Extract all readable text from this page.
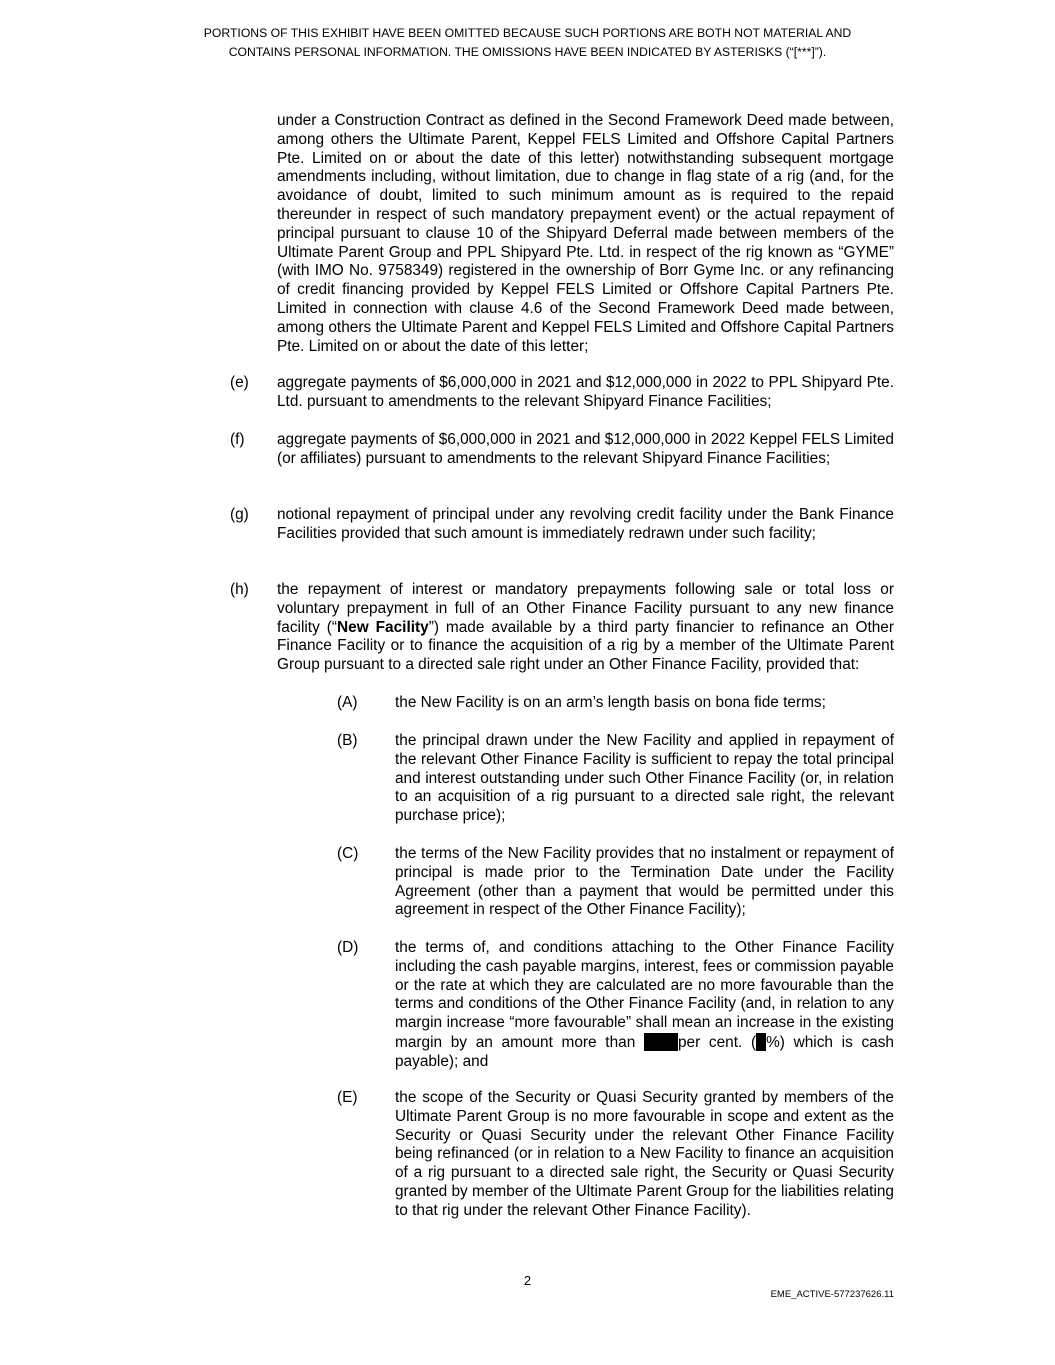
PORTIONS OF THIS EXHIBIT HAVE BEEN OMITTED BECAUSE SUCH PORTIONS ARE BOTH NOT MATERIAL AND
CONTAINS PERSONAL INFORMATION. THE OMISSIONS HAVE BEEN INDICATED BY ASTERISKS (“[***]”).
under a Construction Contract as defined in the Second Framework Deed made between, among others the Ultimate Parent, Keppel FELS Limited and Offshore Capital Partners Pte. Limited on or about the date of this letter) notwithstanding subsequent mortgage amendments including, without limitation, due to change in flag state of a rig (and, for the avoidance of doubt, limited to such minimum amount as is required to the repaid thereunder in respect of such mandatory prepayment event) or the actual repayment of principal pursuant to clause 10 of the Shipyard Deferral made between members of the Ultimate Parent Group and PPL Shipyard Pte. Ltd. in respect of the rig known as “GYME” (with IMO No. 9758349) registered in the ownership of Borr Gyme Inc. or any refinancing of credit financing provided by Keppel FELS Limited or Offshore Capital Partners Pte. Limited in connection with clause 4.6 of the Second Framework Deed made between, among others the Ultimate Parent and Keppel FELS Limited and Offshore Capital Partners Pte. Limited on or about the date of this letter;
(e) aggregate payments of $6,000,000 in 2021 and $12,000,000 in 2022 to PPL Shipyard Pte. Ltd. pursuant to amendments to the relevant Shipyard Finance Facilities;
(f) aggregate payments of $6,000,000 in 2021 and $12,000,000 in 2022 Keppel FELS Limited (or affiliates) pursuant to amendments to the relevant Shipyard Finance Facilities;
(g) notional repayment of principal under any revolving credit facility under the Bank Finance Facilities provided that such amount is immediately redrawn under such facility;
(h) the repayment of interest or mandatory prepayments following sale or total loss or voluntary prepayment in full of an Other Finance Facility pursuant to any new finance facility (“New Facility”) made available by a third party financier to refinance an Other Finance Facility or to finance the acquisition of a rig by a member of the Ultimate Parent Group pursuant to a directed sale right under an Other Finance Facility, provided that:
(A) the New Facility is on an arm’s length basis on bona fide terms;
(B) the principal drawn under the New Facility and applied in repayment of the relevant Other Finance Facility is sufficient to repay the total principal and interest outstanding under such Other Finance Facility (or, in relation to an acquisition of a rig pursuant to a directed sale right, the relevant purchase price);
(C) the terms of the New Facility provides that no instalment or repayment of principal is made prior to the Termination Date under the Facility Agreement (other than a payment that would be permitted under this agreement in respect of the Other Finance Facility);
(D) the terms of, and conditions attaching to the Other Finance Facility including the cash payable margins, interest, fees or commission payable or the rate at which they are calculated are no more favourable than the terms and conditions of the Other Finance Facility (and, in relation to any margin increase “more favourable” shall mean an increase in the existing margin by an amount more than	per cent. ( %) which is cash payable); and
(E) the scope of the Security or Quasi Security granted by members of the Ultimate Parent Group is no more favourable in scope and extent as the Security or Quasi Security under the relevant Other Finance Facility being refinanced (or in relation to a New Facility to finance an acquisition of a rig pursuant to a directed sale right, the Security or Quasi Security granted by member of the Ultimate Parent Group for the liabilities relating to that rig under the relevant Other Finance Facility).
2
EME_ACTIVE-577237626.11
